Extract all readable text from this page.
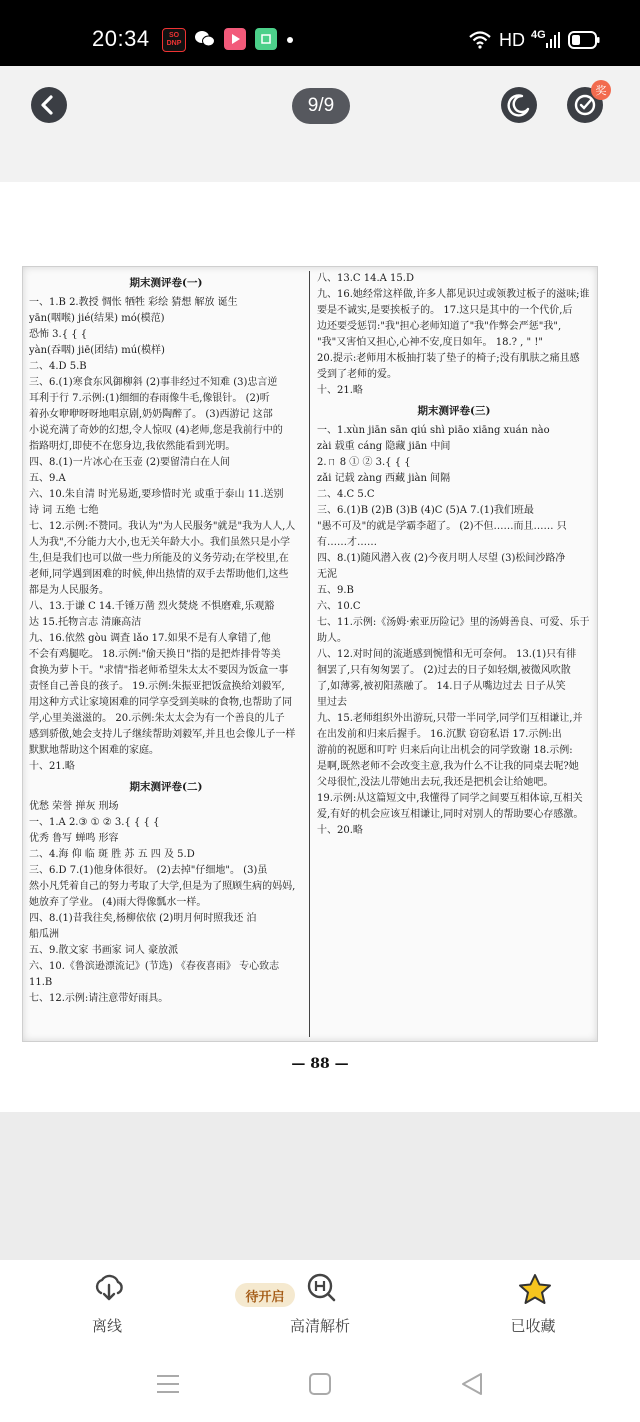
20:34	SO
DNP	HD 4G
9/9
奖
期末测评卷(一)
一、1.B 2.教授 惆怅 牺牲 彩绘 猜想 解放 诞生
yān(咽喉) jié(结果) mó(模范)
恐怖 3.{ { {
yàn(吞咽) jiē(团结) mú(模样)
二、4.D 5.B
三、6.(1)寒食东风御柳斜 (2)事非经过不知难 (3)忠言逆
耳利于行 7.示例:(1)细细的春雨像牛毛,像银针。 (2)听
着孙女咿咿呀呀地唱京剧,奶奶陶醉了。 (3)西游记 这部
小说充满了奇妙的幻想,令人惊叹 (4)老师,您是我前行中的
指路明灯,即使不在您身边,我依然能看到光明。
四、8.(1)一片冰心在玉壶 (2)要留清白在人间
五、9.A
六、10.朱自清 时光易逝,要珍惜时光 或重于泰山 11.送别
诗 词 五绝 七绝
七、12.示例:不赞同。我认为"为人民服务"就是"我为人人,人
人为我",不分能力大小,也无关年龄大小。我们虽然只是小学
生,但是我们也可以做一些力所能及的义务劳动;在学校里,在
老师,同学遇到困难的时候,伸出热情的双手去帮助他们,这些
都是为人民服务。
八、13.于谦 C 14.千锤万凿 烈火焚烧 不惧磨难,乐观豁
达 15.托物言志 清廉高洁
九、16.依然 gòu 调査 lǎo 17.如果不是有人拿错了,他
不会有鸡腿吃。 18.示例:"偷天换日"指的是把炸排骨等美
食换为萝卜干。"求情"指老师希望朱太太不要因为饭盒一事
责怪自己善良的孩子。 19.示例:朱振亚把饭盒换给刘毅军,
用这种方式让家境困难的同学享受到美味的食物,也帮助了同
学,心里美滋滋的。 20.示例:朱太太会为有一个善良的儿子
感到骄傲,她会支持儿子继续帮助刘毅军,并且也会像儿子一样
默默地帮助这个困难的家庭。
十、21.略
期末测评卷(二)
优愁 荣誉 掸灰 刑场
一、1.A 2.③ ① ② 3.{ { { {
优秀 鲁写 蝉鸣 形容
二、4.海 仰 临 斑 胜 苏 五 四 及 5.D
三、6.D 7.(1)他身体很好。 (2)去掉"仔细地"。 (3)虽
然小凡凭着自己的努力考取了大学,但是为了照顾生病的妈妈,
她放弃了学业。 (4)雨大得像瓢水一样。
四、8.(1)昔我往矣,杨柳依依 (2)明月何时照我还 泊
船瓜洲
五、9.散文家 书画家 词人 豪放派
六、10.《鲁滨逊漂流记》(节选) 《春夜喜雨》 专心致志
11.B
七、12.示例:请注意带好雨具。
八、13.C 14.A 15.D
九、16.她经常这样做,许多人都见识过或领教过板子的滋味;谁
要是不诚实,是要挨板子的。 17.这只是其中的一个代价,后
边还要受惩罚:"我"担心老师知道了"我"作弊会严惩"我",
"我"又害怕又担心,心神不安,度日如年。 18.? , " !"
20.提示:老师用木板抽打装了垫子的椅子;没有肌肤之痛且感
受到了老师的爱。
十、21.略
期末测评卷(三)
一、1.xùn jiān sān qiú shì piāo xiāng xuán nào
zài 载重 cáng 隐藏 jiān 中间
2.ㄇ 8 ① ② 3.{ { {
zǎi 记载 zàng 西藏 jiàn 间隔
二、4.C 5.C
三、6.(1)B (2)B (3)B (4)C (5)A 7.(1)我们班最
"愚不可及"的就是学霸李超了。 (2)不但……而且…… 只
有……才……
四、8.(1)随风潜入夜 (2)今夜月明人尽望 (3)松间沙路净
无泥
五、9.B
六、10.C
七、11.示例:《汤姆·索亚历险记》里的汤姆善良、可爱、乐于
助人。
八、12.对时间的流逝感到惋惜和无可奈何。 13.(1)只有徘
徊罢了,只有匆匆罢了。 (2)过去的日子如轻烟,被微风吹散
了,如薄雾,被初阳蒸融了。 14.日子从嘴边过去 日子从笑
里过去
九、15.老师组织外出游玩,只带一半同学,同学们互相谦让,并
在出发前和归来后握手。 16.沉默 窃窃私语 17.示例:出
游前的祝愿和叮咛 归来后向让出机会的同学致谢 18.示例:
是啊,既然老师不会改变主意,我为什么不让我的同桌去呢?她
父母很忙,没法儿带她出去玩,我还是把机会让给她吧。
19.示例:从这篇短文中,我懂得了同学之间要互相体谅,互相关
爱,有好的机会应该互相谦让,同时对别人的帮助要心存感激。
十、20.略
— 88 —
离线	高清解析
待开启
已收藏
